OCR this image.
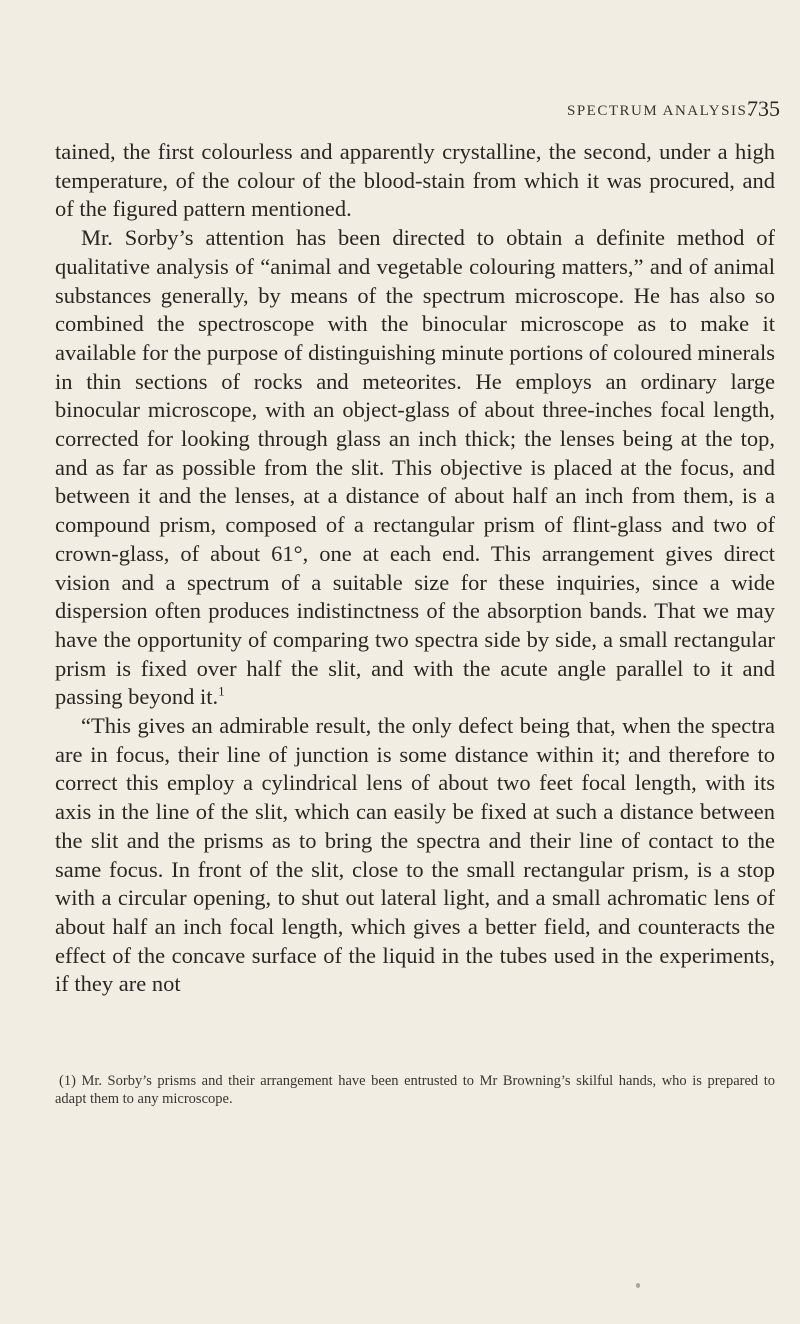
SPECTRUM ANALYSIS.
735

tained, the first colourless and apparently crystalline, the second, under a high temperature, of the colour of the blood-stain from which it was procured, and of the figured pattern mentioned.

Mr. Sorby’s attention has been directed to obtain a definite method of qualitative analysis of “animal and vegetable colouring matters,” and of animal substances generally, by means of the spectrum microscope. He has also so combined the spectroscope with the binocular microscope as to make it available for the purpose of distinguishing minute portions of coloured minerals in thin sections of rocks and meteorites. He employs an ordinary large binocular microscope, with an object-glass of about three-inches focal length, corrected for looking through glass an inch thick; the lenses being at the top, and as far as possible from the slit. This objective is placed at the focus, and between it and the lenses, at a distance of about half an inch from them, is a compound prism, composed of a rectangular prism of flint-glass and two of crown-glass, of about 61°, one at each end. This arrangement gives direct vision and a spectrum of a suitable size for these inquiries, since a wide dispersion often produces indistinctness of the absorption bands. That we may have the opportunity of comparing two spectra side by side, a small rectangular prism is fixed over half the slit, and with the acute angle parallel to it and passing beyond it.$^1$

“This gives an admirable result, the only defect being that, when the spectra are in focus, their line of junction is some distance within it; and therefore to correct this employ a cylindrical lens of about two feet focal length, with its axis in the line of the slit, which can easily be fixed at such a distance between the slit and the prisms as to bring the spectra and their line of contact to the same focus. In front of the slit, close to the small rectangular prism, is a stop with a circular opening, to shut out lateral light, and a small achromatic lens of about half an inch focal length, which gives a better field, and counteracts the effect of the concave surface of the liquid in the tubes used in the experiments, if they are not

(1) Mr. Sorby’s prisms and their arrangement have been entrusted to Mr Browning’s skilful hands, who is prepared to adapt them to any microscope.
